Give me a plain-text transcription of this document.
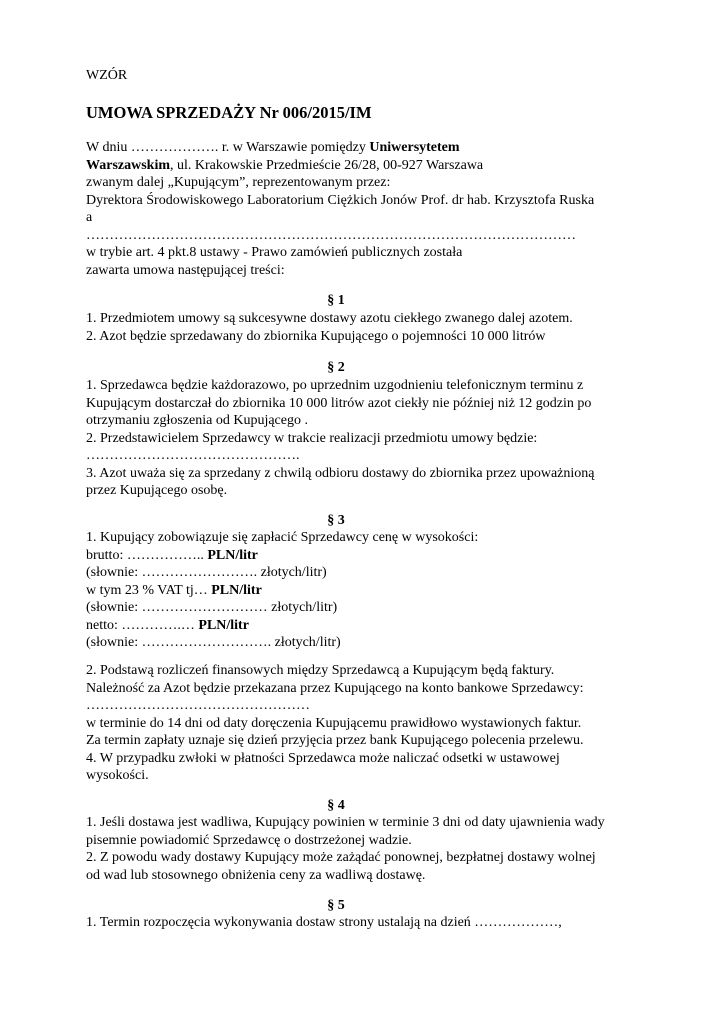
WZÓR
UMOWA SPRZEDAŻY Nr 006/2015/IM
W dniu ………………. r. w Warszawie pomiędzy Uniwersytetem
Warszawskim, ul. Krakowskie Przedmieście 26/28, 00-927 Warszawa
zwanym dalej „Kupującym”, reprezentowanym przez:
Dyrektora Środowiskowego Laboratorium Ciężkich Jonów Prof. dr hab. Krzysztofa Ruska
a
……………………………………………………………………………………………
w trybie art. 4 pkt.8 ustawy - Prawo zamówień publicznych została
zawarta umowa następującej treści:
§ 1
1. Przedmiotem umowy są sukcesywne dostawy azotu ciekłego zwanego dalej azotem.
2. Azot będzie sprzedawany do zbiornika Kupującego o pojemności 10 000 litrów
§ 2
1. Sprzedawca będzie każdorazowo, po uprzednim uzgodnieniu telefonicznym terminu z
Kupującym dostarczał do zbiornika 10 000 litrów azot ciekły nie później niż 12 godzin po
otrzymaniu zgłoszenia od Kupującego .
2. Przedstawicielem Sprzedawcy w trakcie realizacji przedmiotu umowy będzie:
……………………………………….
3. Azot uważa się za sprzedany z chwilą odbioru dostawy do zbiornika przez upoważnioną
przez Kupującego osobę.
§ 3
1. Kupujący zobowiązuje się zapłacić Sprzedawcy cenę w wysokości:
brutto: …………….. PLN/litr
(słownie: ……………………. złotych/litr)
w tym 23 % VAT tj… PLN/litr
(słownie: ……………………… złotych/litr)
netto: ………….… PLN/litr
(słownie: ………………………. złotych/litr)
2. Podstawą rozliczeń finansowych między Sprzedawcą a Kupującym będą faktury.
Należność za Azot będzie przekazana przez Kupującego na konto bankowe Sprzedawcy:
…………………………………………
w terminie do 14 dni od daty doręczenia Kupującemu prawidłowo wystawionych faktur.
Za termin zapłaty uznaje się dzień przyjęcia przez bank Kupującego polecenia przelewu.
4. W przypadku zwłoki w płatności Sprzedawca może naliczać odsetki w ustawowej
wysokości.
§ 4
1. Jeśli dostawa jest wadliwa, Kupujący powinien w terminie 3 dni od daty ujawnienia wady
pisemnie powiadomić Sprzedawcę o dostrzeżonej wadzie.
2. Z powodu wady dostawy Kupujący może zażądać ponownej, bezpłatnej dostawy wolnej
od wad lub stosownego obniżenia ceny za wadliwą dostawę.
§ 5
1. Termin rozpoczęcia wykonywania dostaw strony ustalają na dzień ………………,
